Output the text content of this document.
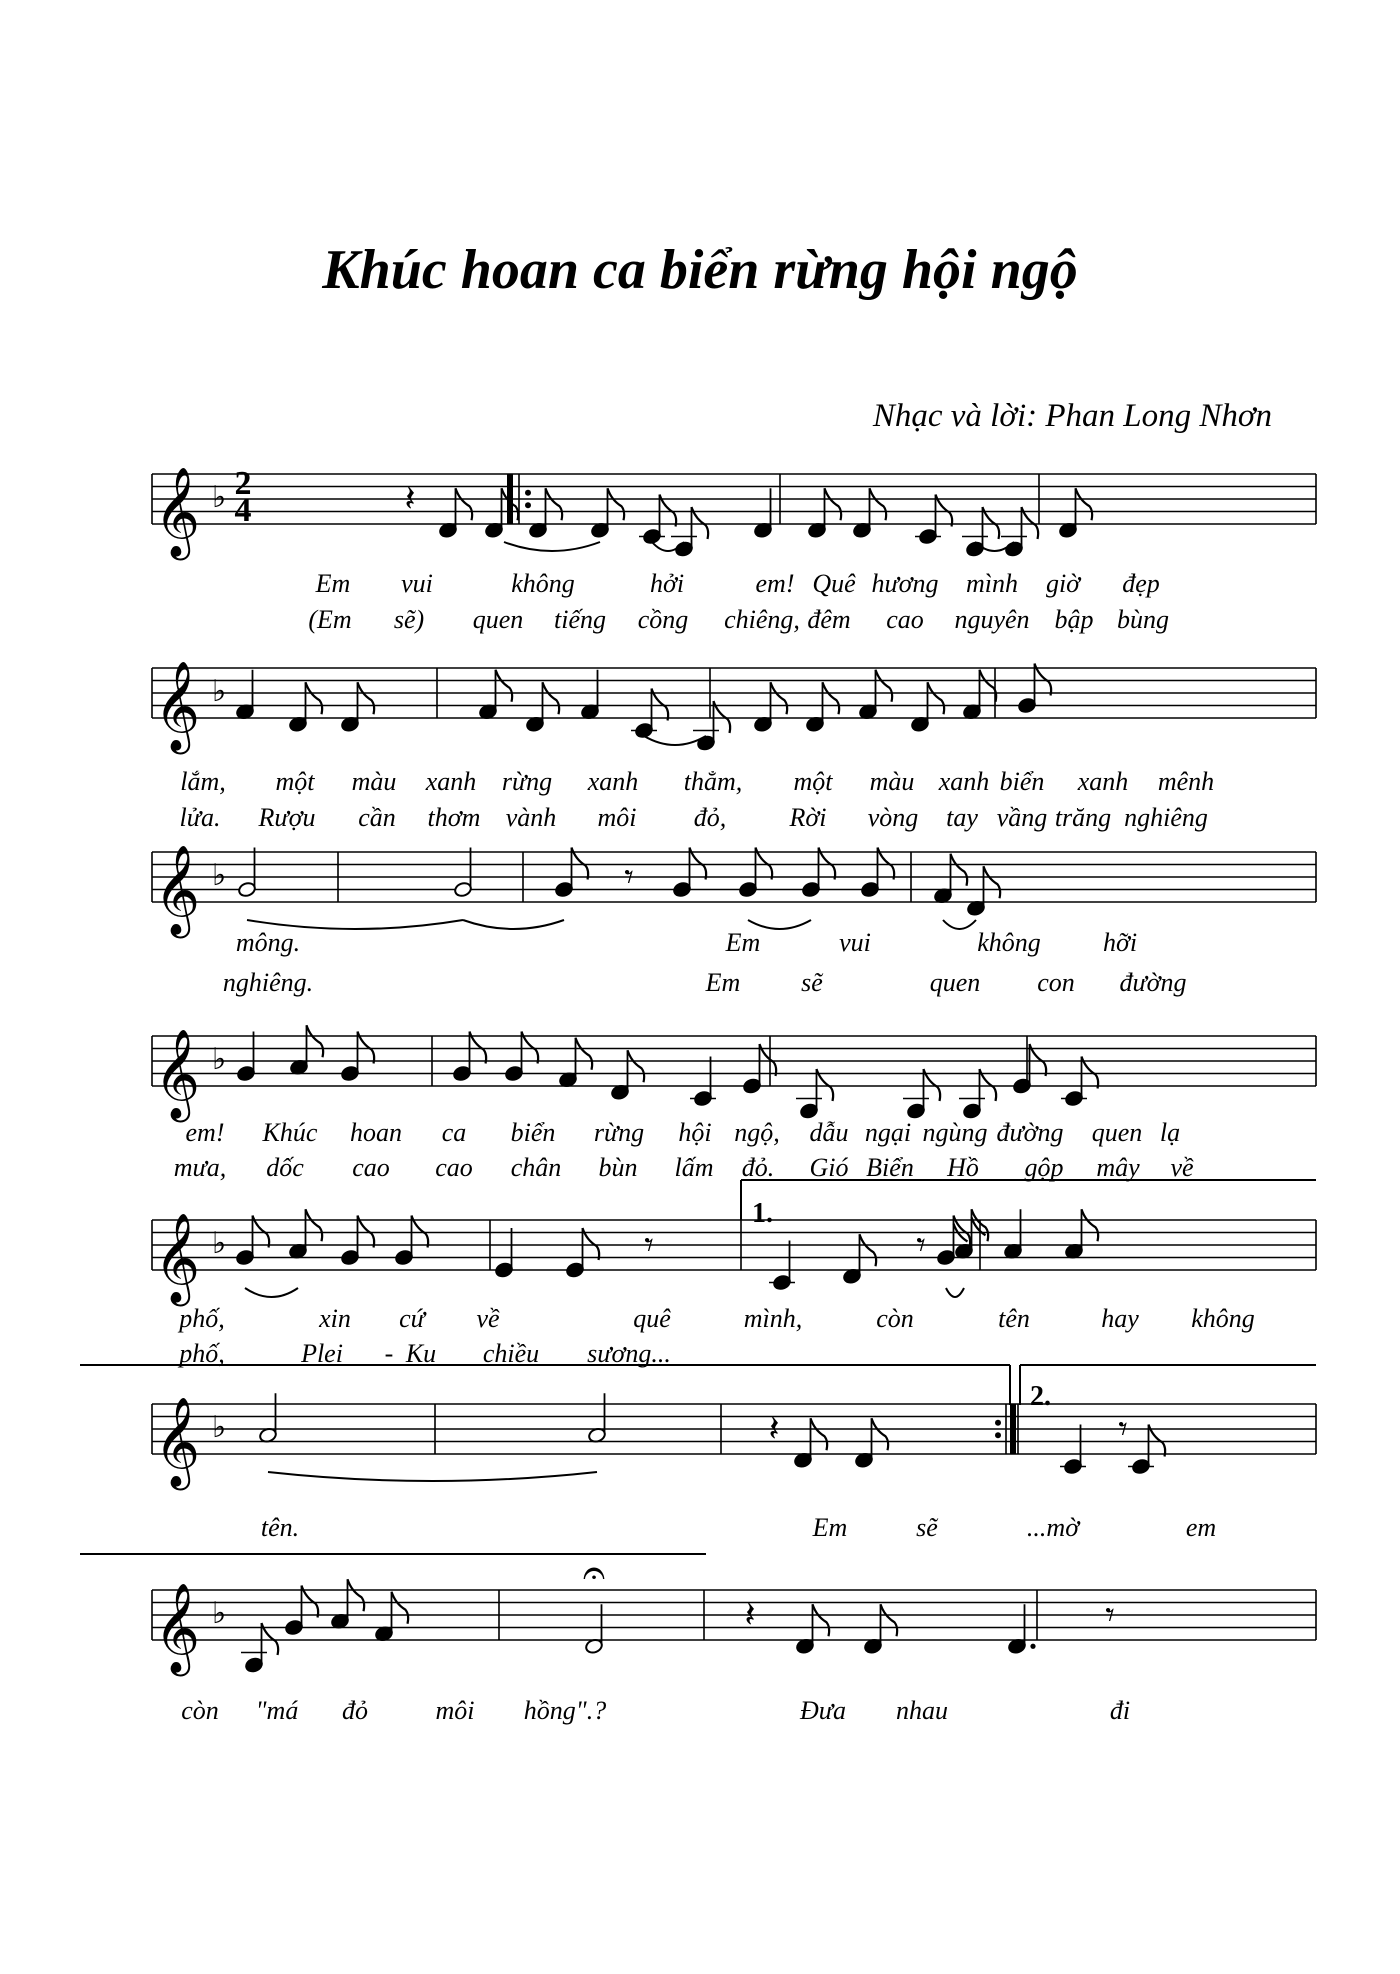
Khúc hoan ca biển rừng hội ngộ
Nhạc và lời: Phan Long Nhơn
𝄞 ♭	𝄽
Em vui	không	hởi	em! Quê hương mình giờ đẹp
(Em sẽ) quen tiếng cồng chiêng, đêm cao nguyên bập bùng
𝄞 ♭
lắm, một màu xanh rừng xanh thẳm, một màu xanh biển xanh mênh
lửa. Rượu cần thơm vành môi đỏ, Rời vòng tay vầng trăng nghiêng
𝄞 ♭	𝄾
mông.	Em	vui	không hỡi
nghiêng.	Em sẽ	quen con đường
𝄞 ♭
em! Khúc hoan ca biển rừng hội ngộ, dẫu ngại ngùng đường quen lạ
mưa, dốc cao cao chân bùn lấm đỏ. Gió Biển Hồ gộp mây về
𝄞 ♭	𝄾	𝄾
phố,	xin cứ về	quê	mình,	còn	tên	hay không
phố,	Plei - Ku chiều sương...
𝄞 ♭	𝄽	𝄾
tên.	Em	sẽ	...mờ	em
𝄞 ♭	𝄽	𝄾
còn "má đỏ	môi hồng".?	Đưa nhau	đi
2
4
1.
2.
𝄐
